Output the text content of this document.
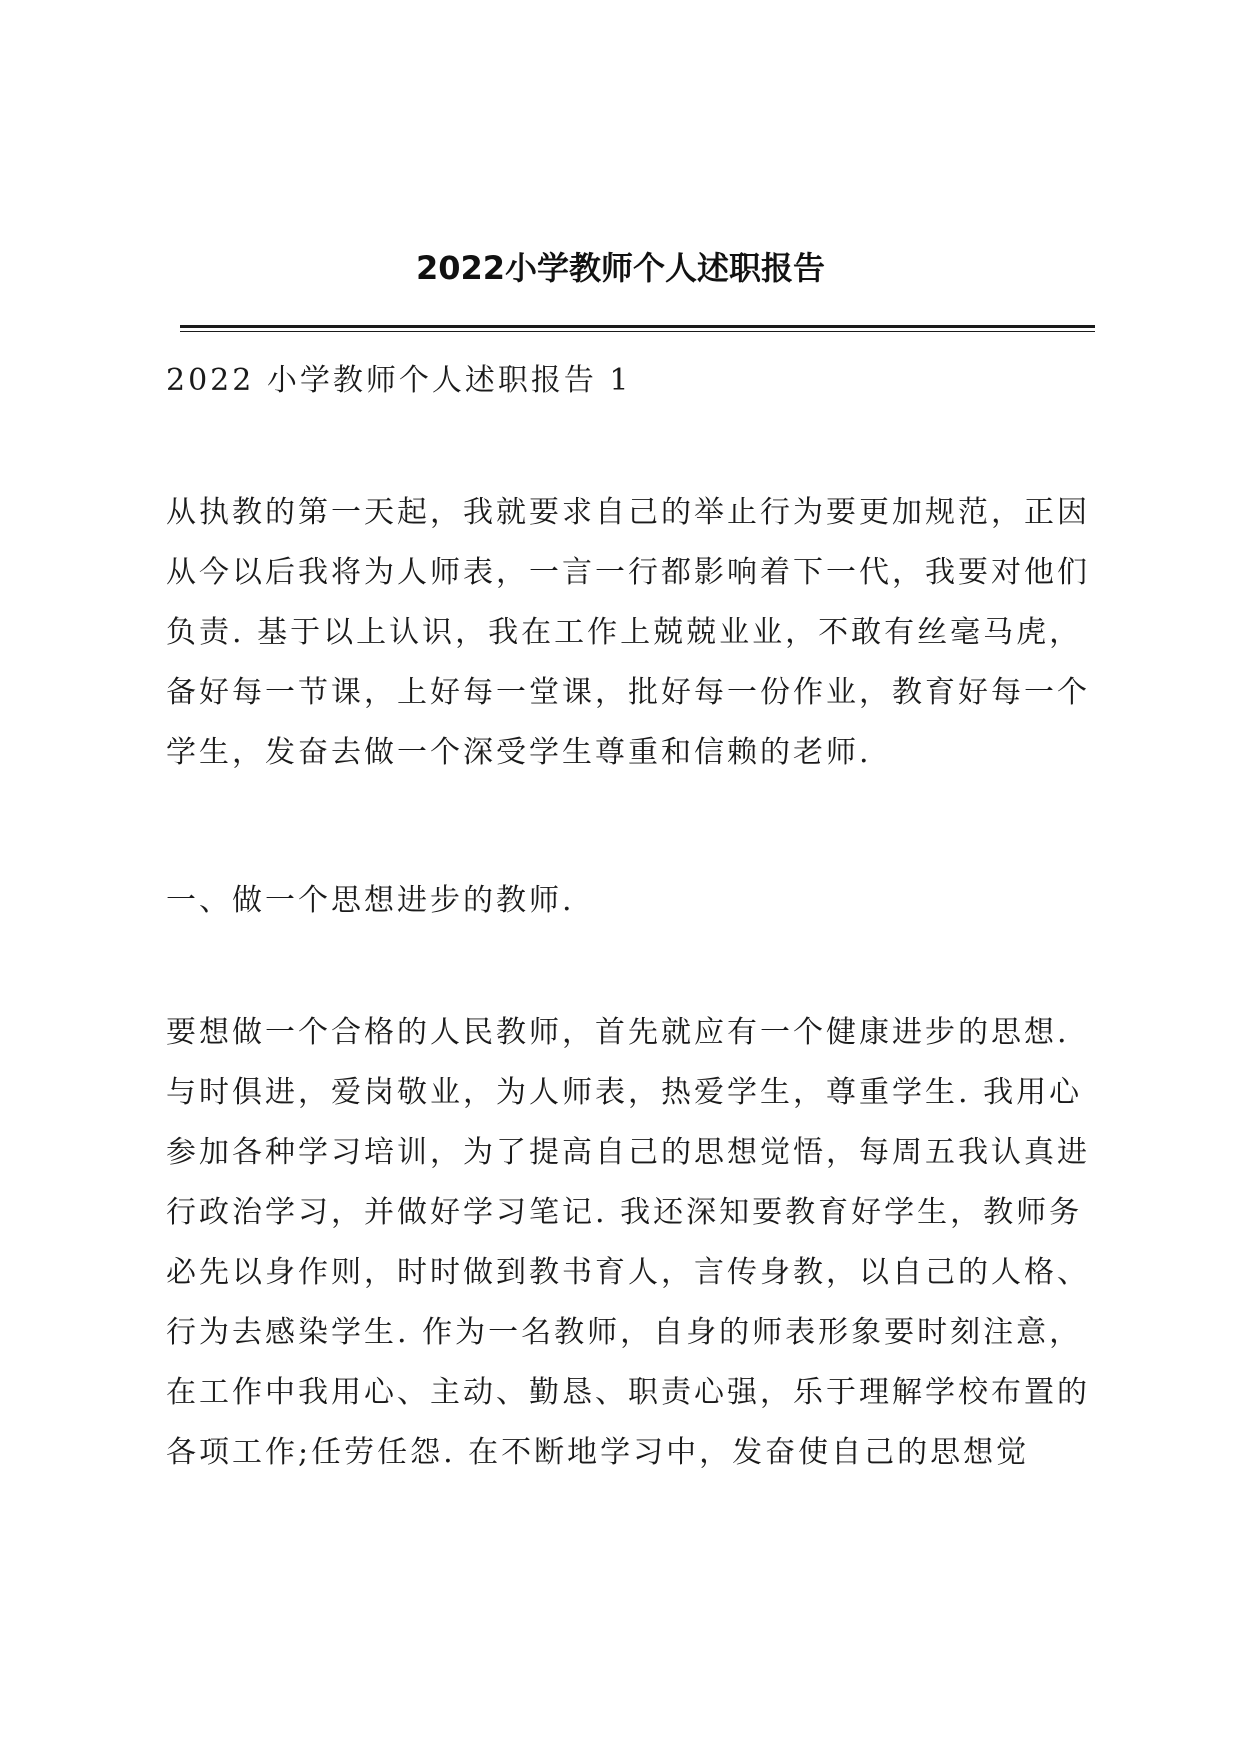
2022小学教师个人述职报告
2022 小学教师个人述职报告 1
从执教的第一天起，我就要求自己的举止行为要更加规范，正因
从今以后我将为人师表，一言一行都影响着下一代，我要对他们
负责. 基于以上认识，我在工作上兢兢业业，不敢有丝毫马虎，
备好每一节课，上好每一堂课，批好每一份作业，教育好每一个
学生，发奋去做一个深受学生尊重和信赖的老师.
一、做一个思想进步的教师.
要想做一个合格的人民教师，首先就应有一个健康进步的思想.
与时俱进，爱岗敬业，为人师表，热爱学生，尊重学生. 我用心
参加各种学习培训，为了提高自己的思想觉悟，每周五我认真进
行政治学习，并做好学习笔记. 我还深知要教育好学生，教师务
必先以身作则，时时做到教书育人，言传身教，以自己的人格、
行为去感染学生. 作为一名教师，自身的师表形象要时刻注意，
在工作中我用心、主动、勤恳、职责心强，乐于理解学校布置的
各项工作;任劳任怨. 在不断地学习中，发奋使自己的思想觉
